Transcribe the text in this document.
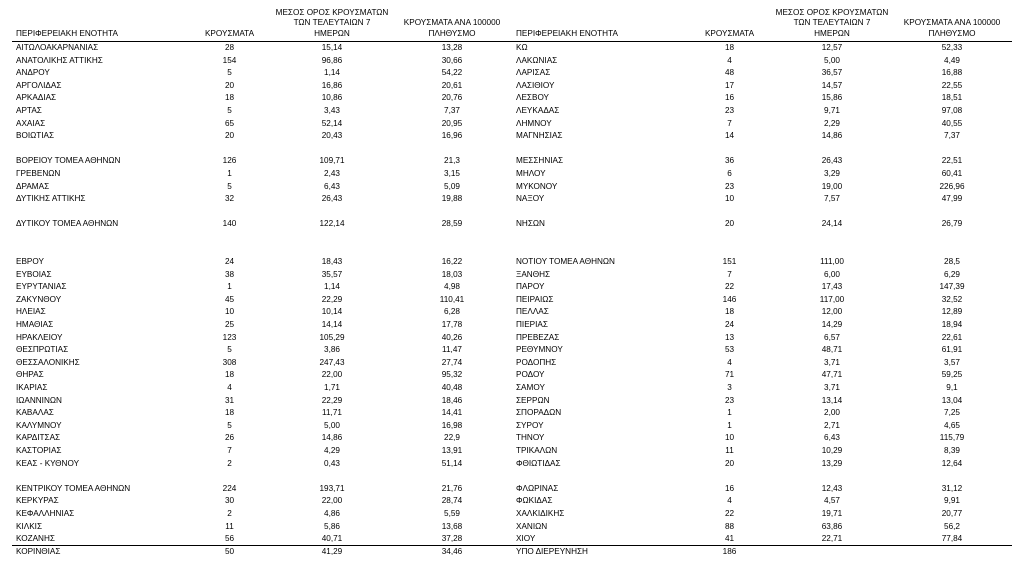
		ΜΕΣΟΣ ΟΡΟΣ ΚΡΟΥΣΜΑΤΩΝ
ΤΩΝ ΤΕΛΕΥΤΑΙΩΝ 7	ΚΡΟΥΣΜΑΤΑ ΑΝΑ 100000			ΜΕΣΟΣ ΟΡΟΣ ΚΡΟΥΣΜΑΤΩΝ
ΤΩΝ ΤΕΛΕΥΤΑΙΩΝ 7	ΚΡΟΥΣΜΑΤΑ ΑΝΑ 100000

ΠΕΡΙΦΕΡΕΙΑΚΗ ΕΝΟΤΗΤΑ	ΚΡΟΥΣΜΑΤΑ	ΗΜΕΡΩΝ	ΠΛΗΘΥΣΜΟ	ΠΕΡΙΦΕΡΕΙΑΚΗ ΕΝΟΤΗΤΑ	ΚΡΟΥΣΜΑΤΑ	ΗΜΕΡΩΝ	ΠΛΗΘΥΣΜΟ
ΑΙΤΩΛΟΑΚΑΡΝΑΝΙΑΣ	28	15,14	13,28	ΚΩ	18	12,57	52,33
ΑΝΑΤΟΛΙΚΗΣ ΑΤΤΙΚΗΣ	154	96,86	30,66	ΛΑΚΩΝΙΑΣ	4	5,00	4,49
ΑΝΔΡΟΥ	5	1,14	54,22	ΛΑΡΙΣΑΣ	48	36,57	16,88
ΑΡΓΟΛΙΔΑΣ	20	16,86	20,61	ΛΑΣΙΘΙΟΥ	17	14,57	22,55
ΑΡΚΑΔΙΑΣ	18	10,86	20,76	ΛΕΣΒΟΥ	16	15,86	18,51
ΑΡΤΑΣ	5	3,43	7,37	ΛΕΥΚΑΔΑΣ	23	9,71	97,08
ΑΧΑΙΑΣ	65	52,14	20,95	ΛΗΜΝΟΥ	7	2,29	40,55
ΒΟΙΩΤΙΑΣ	20	20,43	16,96	ΜΑΓΝΗΣΙΑΣ	14	14,86	7,37

ΒΟΡΕΙΟΥ ΤΟΜΕΑ ΑΘΗΝΩΝ	126	109,71	21,3	ΜΕΣΣΗΝΙΑΣ	36	26,43	22,51
ΓΡΕΒΕΝΩΝ	1	2,43	3,15	ΜΗΛΟΥ	6	3,29	60,41
ΔΡΑΜΑΣ	5	6,43	5,09	ΜΥΚΟΝΟΥ	23	19,00	226,96
ΔΥΤΙΚΗΣ ΑΤΤΙΚΗΣ	32	26,43	19,88	ΝΑΞΟΥ	10	7,57	47,99

ΔΥΤΙΚΟΥ ΤΟΜΕΑ ΑΘΗΝΩΝ	140	122,14	28,59	ΝΗΣΩΝ	20	24,14	26,79

ΕΒΡΟΥ	24	18,43	16,22	ΝΟΤΙΟΥ ΤΟΜΕΑ ΑΘΗΝΩΝ	151	111,00	28,5
ΕΥΒΟΙΑΣ	38	35,57	18,03	ΞΑΝΘΗΣ	7	6,00	6,29
ΕΥΡΥΤΑΝΙΑΣ	1	1,14	4,98	ΠΑΡΟΥ	22	17,43	147,39
ΖΑΚΥΝΘΟΥ	45	22,29	110,41	ΠΕΙΡΑΙΩΣ	146	117,00	32,52
ΗΛΕΙΑΣ	10	10,14	6,28	ΠΕΛΛΑΣ	18	12,00	12,89
ΗΜΑΘΙΑΣ	25	14,14	17,78	ΠΙΕΡΙΑΣ	24	14,29	18,94
ΗΡΑΚΛΕΙΟΥ	123	105,29	40,26	ΠΡΕΒΕΖΑΣ	13	6,57	22,61
ΘΕΣΠΡΩΤΙΑΣ	5	3,86	11,47	ΡΕΘΥΜΝΟΥ	53	48,71	61,91
ΘΕΣΣΑΛΟΝΙΚΗΣ	308	247,43	27,74	ΡΟΔΟΠΗΣ	4	3,71	3,57
ΘΗΡΑΣ	18	22,00	95,32	ΡΟΔΟΥ	71	47,71	59,25
ΙΚΑΡΙΑΣ	4	1,71	40,48	ΣΑΜΟΥ	3	3,71	9,1
ΙΩΑΝΝΙΝΩΝ	31	22,29	18,46	ΣΕΡΡΩΝ	23	13,14	13,04
ΚΑΒΑΛΑΣ	18	11,71	14,41	ΣΠΟΡΑΔΩΝ	1	2,00	7,25
ΚΑΛΥΜΝΟΥ	5	5,00	16,98	ΣΥΡΟΥ	1	2,71	4,65
ΚΑΡΔΙΤΣΑΣ	26	14,86	22,9	ΤΗΝΟΥ	10	6,43	115,79
ΚΑΣΤΟΡΙΑΣ	7	4,29	13,91	ΤΡΙΚΑΛΩΝ	11	10,29	8,39
ΚΕΑΣ - ΚΥΘΝΟΥ	2	0,43	51,14	ΦΘΙΩΤΙΔΑΣ	20	13,29	12,64

ΚΕΝΤΡΙΚΟΥ ΤΟΜΕΑ ΑΘΗΝΩΝ	224	193,71	21,76	ΦΛΩΡΙΝΑΣ	16	12,43	31,12
ΚΕΡΚΥΡΑΣ	30	22,00	28,74	ΦΩΚΙΔΑΣ	4	4,57	9,91
ΚΕΦΑΛΛΗΝΙΑΣ	2	4,86	5,59	ΧΑΛΚΙΔΙΚΗΣ	22	19,71	20,77
ΚΙΛΚΙΣ	11	5,86	13,68	ΧΑΝΙΩΝ	88	63,86	56,2
ΚΟΖΑΝΗΣ	56	40,71	37,28	ΧΙΟΥ	41	22,71	77,84
ΚΟΡΙΝΘΙΑΣ	50	41,29	34,46	ΥΠΟ ΔΙΕΡΕΥΝΗΣΗ	186		
